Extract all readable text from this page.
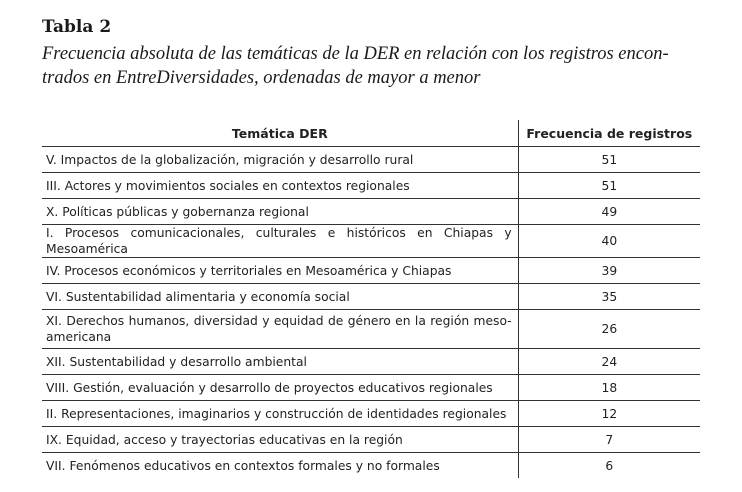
Tabla 2
Frecuencia absoluta de las temáticas de la DER en relación con los registros encon-
trados en EntreDiversidades, ordenadas de mayor a menor
Temática DER	Frecuencia de registros
V. Impactos de la globalización, migración y desarrollo rural	51
III. Actores y movimientos sociales en contextos regionales	51
X. Políticas públicas y gobernanza regional	49
I. Procesos comunicacionales, culturales e históricos en Chiapas y Mesoamérica	40
IV. Procesos económicos y territoriales en Mesoamérica y Chiapas	39
VI. Sustentabilidad alimentaria y economía social	35
XI. Derechos humanos, diversidad y equidad de género en la región meso- americana	26
XII. Sustentabilidad y desarrollo ambiental	24
VIII. Gestión, evaluación y desarrollo de proyectos educativos regionales	18
II. Representaciones, imaginarios y construcción de identidades regionales	12
IX. Equidad, acceso y trayectorias educativas en la región	7
VII. Fenómenos educativos en contextos formales y no formales	6
